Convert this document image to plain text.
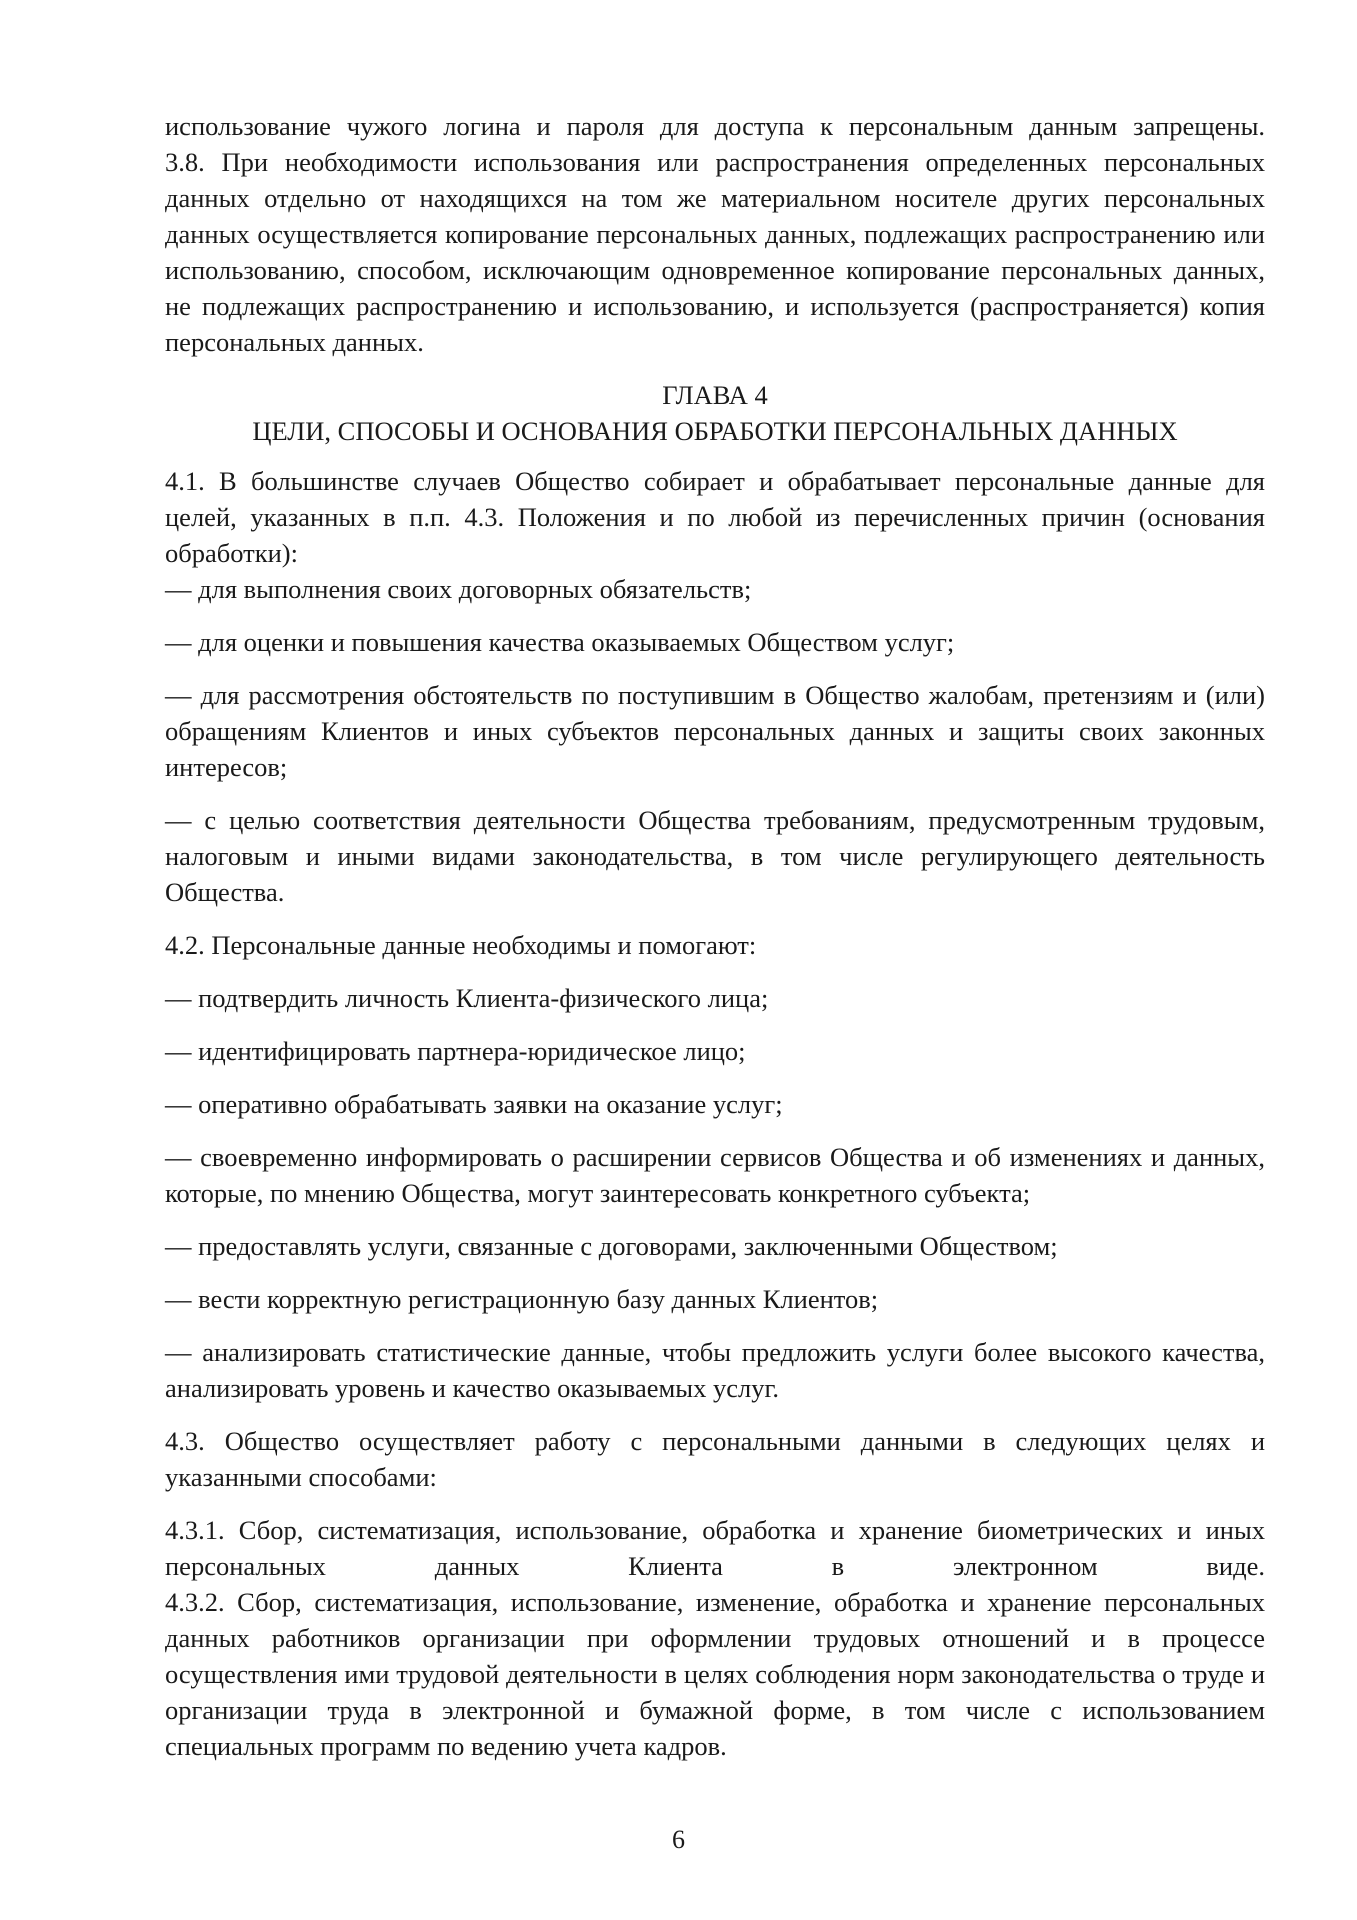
использование чужого логина и пароля для доступа к персональным данным запрещены.
3.8. При необходимости использования или распространения определенных персональных данных отдельно от находящихся на том же материальном носителе других персональных данных осуществляется копирование персональных данных, подлежащих распространению или использованию, способом, исключающим одновременное копирование персональных данных, не подлежащих распространению и использованию, и используется (распространяется) копия персональных данных.
ГЛАВА 4
ЦЕЛИ, СПОСОБЫ И ОСНОВАНИЯ ОБРАБОТКИ ПЕРСОНАЛЬНЫХ ДАННЫХ

4.1. В большинстве случаев Общество собирает и обрабатывает персональные данные для целей, указанных в п.п. 4.3. Положения и по любой из перечисленных причин (основания обработки):

— для выполнения своих договорных обязательств;

— для оценки и повышения качества оказываемых Обществом услуг;

— для рассмотрения обстоятельств по поступившим в Общество жалобам, претензиям и (или) обращениям Клиентов и иных субъектов персональных данных и защиты своих законных интересов;

— с целью соответствия деятельности Общества требованиям, предусмотренным трудовым, налоговым и иными видами законодательства, в том числе регулирующего деятельность Общества.

4.2. Персональные данные необходимы и помогают:

— подтвердить личность Клиента-физического лица;

— идентифицировать партнера-юридическое лицо;

— оперативно обрабатывать заявки на оказание услуг;

— своевременно информировать о расширении сервисов Общества и об изменениях и данных, которые, по мнению Общества, могут заинтересовать конкретного субъекта;

— предоставлять услуги, связанные с договорами, заключенными Обществом;

— вести корректную регистрационную базу данных Клиентов;

— анализировать статистические данные, чтобы предложить услуги более высокого качества, анализировать уровень и качество оказываемых услуг.

4.3. Общество осуществляет работу с персональными данными в следующих целях и указанными способами:

4.3.1. Сбор, систематизация, использование, обработка и хранение биометрических и иных персональных данных Клиента в электронном виде.
4.3.2. Сбор, систематизация, использование, изменение, обработка и хранение персональных данных работников организации при оформлении трудовых отношений и в процессе осуществления ими трудовой деятельности в целях соблюдения норм законодательства о труде и организации труда в электронной и бумажной форме, в том числе с использованием специальных программ по ведению учета кадров.
6
